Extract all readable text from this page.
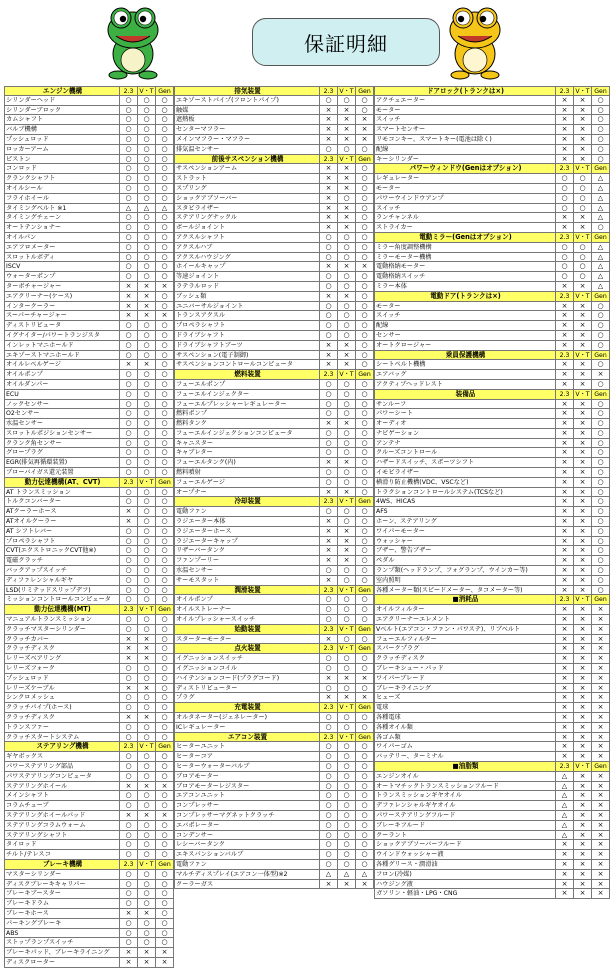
保証明細
エンジン機構	2.3 V・T Gen
シリンダーヘッド	○	○	○
シリンダーブロック	○	○	○
カムシャフト	○	○	○
バルブ機構	○	○	○
プッシュロッド	○	○	○
ロッカーアーム	○	○	○
ピストン	○	○	○
コンロッド	○	○	○
クランクシャフト	○	○	○
オイルシール	○	○	○
フライホイール	○	○	○
タイミングベルト ※1	△	△	△
タイミングチェーン	○	○	○
オートテンショナー	○	○	○
オイルパン	○	○	○
エアフロメーター	○	○	○
スロットルボディ	○	○	○
ISCV	○	○	○
ウォーターポンプ	○	○	○
ターボチャージャー	×	×	×
エアクリーナー(ケース)	×	×	○
インタークーラー	×	×	○
スーパーチャージャー	×	×	×
ディストリビュータ	○	○	○
イグナイター/パワートランジスタ	○	○	○
インレットマニホールド	○	○	○
エキゾーストマニホールド	○	○	○
オイルレベルゲージ	×	×	○
オイルポンプ	○	○	○
オイルダンパー	○	○	○
ECU	○	○	○
ノックセンサー	○	○	○
O2センサー	○	○	○
水温センサー	○	○	○
スロットルポジションセンサー	○	○	○
クランク角センサー	○	○	○
グロープラグ	○	○	○
EGR(排気再循環装置)	○	○	○
ブローバイガス還元装置	○	○	○
動力伝達機構(AT、CVT)	2.3 V・T Gen
AT トランスミッション	○	○	○
トルクコンバーター	○	○	○
ATクーラーホース	×	○	○
ATオイルクーラー	×	○	○
AT シフトレバー	○	○	○
プロペラシャフト	○	○	○
CVT(エクストロニックCVT他※)	○	○	○
電磁クラッチ	○	○	○
バックアップスイッチ	○	○	○
ディファレンシャルギヤ	○	○	○
LSD(リミテッドスリップデフ)	○	○	○
ミッションコントロールコンピュータ	○	○	○
動力伝達機構(MT)	2.3 V・T Gen
マニュアルトランスミッション	○	○	○
クラッチマスターシリンダー	○	○	○
クラッチカバー	×	×	○
クラッチディスク	×	×	○
レリーズベアリング	×	×	○
レリーズフォーク	○	○	○
プッシュロッド	○	○	○
レリーズケーブル	×	×	○
シンクロメッシュ	○	○	○
クラッチパイプ(ホース)	○	○	○
クラッチディスク	×	×	○
トランスファー	○	○	○
クラッチスタートシステム	○	○	○
ステアリング機構	2.3 V・T Gen
ギヤボックス	○	○	○
パワーステアリング部品	○	○	○
パワステアリングコンピュータ	○	○	○
ステアリングホイール	×	×	×
メインシャフト	○	○	○
コラムチューブ	○	○	○
ステアリングホイールパッド	×	×	×
ステアリングコラムウォーム	○	○	○
ステアリングシャフト	○	○	○
タイロッド	○	○	○
チルト/テレスコ	○	○	○
ブレーキ機構	2.3 V・T Gen
マスターシリンダー	○	○	○
ディスクブレーキキャリパー	○	○	○
ブレーキブースター	○	○	○
ブレーキドラム	○	○	○
ブレーキホース	×	×	○
パーキングブレーキ	○	○	○
ABS	○	○	○
ストップランプスイッチ	○	○	○
ブレーキパッド、ブレーキライニング	×	×	×
ディスクローター	×	×	×
排気装置	2.3 V・T Gen
エキゾーストパイプ(フロントパイプ)	○	○	○
触媒	×	×	○
遮熱板	×	×	×
センターマフラー	×	×	×
メインマフラー・マフラー	×	×	×
排気温センサー	○	○	○
前後サスペンション機構	2.3 V・T Gen
サスペンションアーム	×	×	○
ストラット	×	×	○
スプリング	×	×	○
ショックアブソーバー	×	○	○
スタビライザー	×	×	○
ステアリングナックル	×	×	○
ボールジョイント	×	×	○
アクスルシャフト	○	○	○
アクスルハブ	○	○	○
アクスルハウジング	○	○	○
ホイールキャップ	×	×	×
等速ジョイント	○	○	○
ラテラルロッド	○	○	○
ブッシュ類	×	×	○
ユニバーサルジョイント	○	○	○
トランスアクスル	○	○	○
プロペラシャフト	○	○	○
ドライブシャフト	○	○	○
ドライブシャフトブーツ	×	×	○
サスペンション(電子制御)	×	×	○
サスペンションコントロールコンピュータ	×	×	○
燃料装置	2.3 V・T Gen
フューエルポンプ	○	○	○
フューエルインジェクター	○	○	○
フューエルプレッシャーレギュレーター	○	○	○
燃料ポンプ	○	○	○
燃料タンク	×	×	○
フューエルインジェクションコンピュータ	○	○	○
キャニスター	○	○	○
キャブレター	○	○	○
フューエルタンク(内)	×	×	○
燃料噴射	○	○	○
フューエルゲージ	○	○	○
オープナー	×	×	○
冷却装置	2.3 V・T Gen
電動ファン	○	○	○
ラジエーター本体	×	○	○
ラジエーターホース	×	×	○
ラジエーターキャップ	×	×	○
リザーバータンク	×	×	○
ファンプーリー	×	×	○
水温センサー	○	○	○
サーモスタット	×	○	○
潤滑装置	2.3 V・T Gen
オイルポンプ	○	○	○
オイルストレーナー	○	○	○
オイルプレッシャースイッチ	○	○	○
始動装置	2.3 V・T Gen
スターターモーター	×	○	○
点火装置	2.3 V・T Gen
イグニッションスイッチ	○	○	○
イグニッションコイル	○	○	○
ハイテンションコード(プラグコード)	×	×	×
ディストリビューター	○	○	○
プラグ	×	×	×
充電装置	2.3 V・T Gen
オルタネーター(ジェネレーター)	○	○	○
ICレギュレーター	○	○	○
エアコン装置	2.3 V・T Gen
ヒーターユニット	○	○	○
ヒーターコア	○	○	○
ヒーターウォーターバルブ	○	○	○
ブロアモーター	○	○	○
ブロアモーターレジスター	○	○	○
エアコンユニット	○	○	○
コンプレッサー	○	○	○
コンプレッサーマグネットクラッチ	○	○	○
エバポレーター	○	○	○
コンデンサー	○	○	○
レシーバータンク	○	○	○
エキスパンションバルブ	○	○	○
電動ファン	○	○	○
マルチディスプレイ(エアコン一体型)※2	△	△	△
クーラーガス	×	×	×
ドアロック(トランクは×)	2.3 V・T Gen
アクチュエーター	×	×	○
モーター	×	×	○
スイッチ	×	×	○
スマートセンサー	×	×	○
リモコンキー、スマートキー(電池は除く)	×	×	○
配線	×	×	○
キーシリンダー	×	×	○
パワーウィンドウ(Genはオプション)	2.3 V・T Gen
レギュレーター	○	○	△
モーター	○	○	△
パワーウインドウアンプ	○	○	△
スイッチ	○	○	△
ランチャンネル	×	×	△
ストライカー	×	×	○
電動ミラー(Genはオプション)	2.3 V・T Gen
ミラー角度調整機構	○	○	△
ミラーモーター機構	○	○	△
電動格納モーター	○	○	△
電動格納スイッチ	○	○	△
ミラー本体	×	×	△
電動ドア(トランクは×)	2.3 V・T Gen
モーター	×	×	○
スイッチ	×	×	○
配線	×	×	○
センサー	×	×	○
オートクロージャー	×	×	○
乗員保護機構	2.3 V・T Gen
シートベルト機構	×	×	○
エアバッグ	×	×	×
アクティブヘッドレスト	×	×	○
装備品	2.3 V・T Gen
サンルーフ	×	×	○
パワーシート	×	×	○
オーディオ	×	×	○
ナビゲーション	×	×	○
アンテナ	×	×	○
クルーズコントロール	×	×	○
ハザードスイッチ、スポーツシフト	×	×	○
イモビライザー	×	×	○
横滑り防止機構(VDC、VSCなど)	×	×	○
トラクションコントロールシステム(TCSなど)	×	×	○
4WS、HICAS	×	×	○
AFS	×	×	○
ホーン、ステアリング	×	×	○
ワイパーモーター	×	×	○
ウォッシャー	×	×	○
ブザー、警告ブザー	×	×	○
ペダル	×	×	○
ランプ類(ヘッドランプ、フォグランプ、ウインカー等)	×	×	○
室内照明	×	×	○
各種メーター類(スピードメーター、タコメーター等)	×	×	○
■消耗品	2.3 V・T Gen
オイルフィルター	×	×	×
エアクリーナーエレメント	×	×	×
Vベルト(エアコン・ファン・パワステ)、リブベルト	×	×	×
フューエルフィルター	×	×	×
スパークプラグ	×	×	×
クラッチディスク	×	×	×
ブレーキシュー・パッド	×	×	×
ワイパーブレード	×	×	×
ブレーキライニング	×	×	×
ヒューズ	×	×	×
電球	×	×	×
各種電球	×	×	×
各種オイル類	×	×	×
各ゴム類	×	×	×
ワイパーゴム	×	×	×
バッテリー、ターミナル	×	×	×
■油脂類	2.3 V・T Gen
エンジンオイル	△	×	×
オートマチックトランスミッションフルード	△	×	×
トランスミッションギヤオイル	△	×	×
デファレンシャルギヤオイル	△	×	×
パワーステアリングフルード	△	×	×
ブレーキフルード	△	×	×
クーラント	△	×	×
ショックアブソーバーフルード	×	×	×
ウインドウォッシャー液	×	×	×
各種グリース・潤滑油	×	×	×
フロン(冷媒)	×	×	×
ハウジング液	×	×	×
ガソリン・軽油・LPG・CNG	×	×	×
